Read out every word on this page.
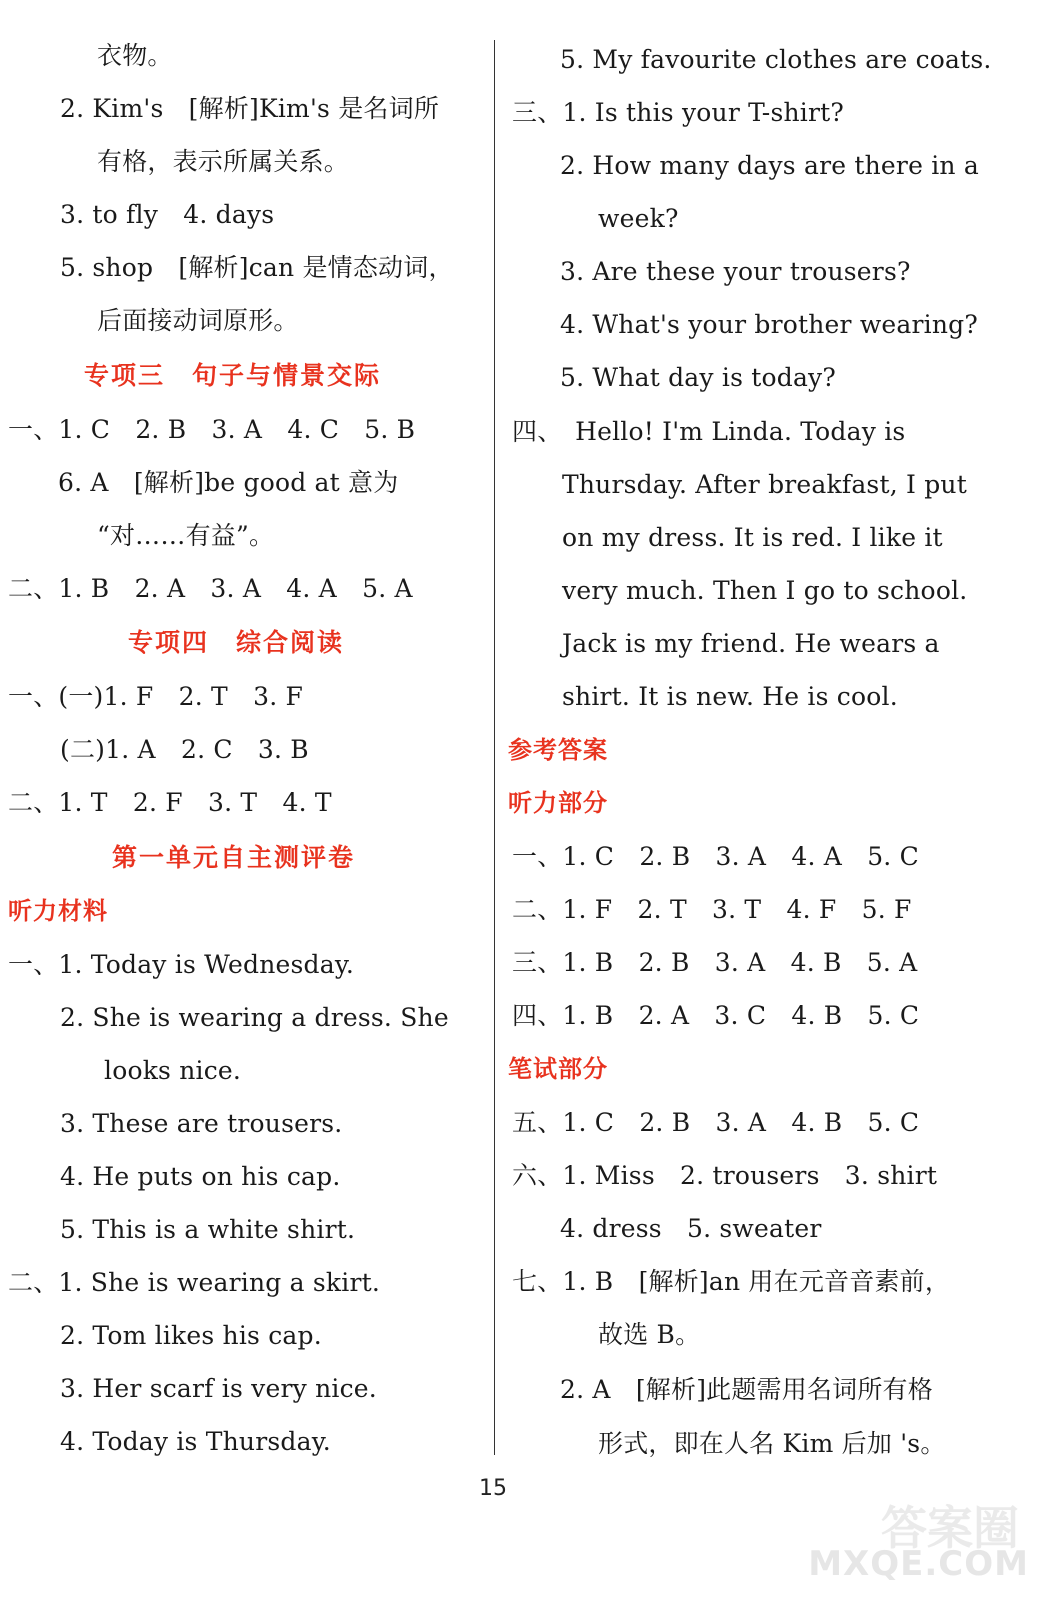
衣物。
2. Kim's　[解析]Kim's 是名词所
有格，表示所属关系。
3. to fly　4. days
5. shop　[解析]can 是情态动词，
后面接动词原形。
专项三　句子与情景交际
一、1. C　2. B　3. A　4. C　5. B
6. A　[解析]be good at 意为
“对……有益”。
二、1. B　2. A　3. A　4. A　5. A
专项四　综合阅读
一、(一)1. F　2. T　3. F
(二)1. A　2. C　3. B
二、1. T　2. F　3. T　4. T
第一单元自主测评卷
听力材料
一、1. Today is Wednesday.
2. She is wearing a dress. She
looks nice.
3. These are trousers.
4. He puts on his cap.
5. This is a white shirt.
二、1. She is wearing a skirt.
2. Tom likes his cap.
3. Her scarf is very nice.
4. Today is Thursday.
5. My favourite clothes are coats.
三、1. Is this your T-shirt?
2. How many days are there in a
week?
3. Are these your trousers?
4. What's your brother wearing?
5. What day is today?
四、　Hello! I'm Linda. Today is
Thursday. After breakfast, I put
on my dress. It is red. I like it
very much. Then I go to school.
Jack is my friend. He wears a
shirt. It is new. He is cool.
参考答案
听力部分
一、1. C　2. B　3. A　4. A　5. C
二、1. F　2. T　3. T　4. F　5. F
三、1. B　2. B　3. A　4. B　5. A
四、1. B　2. A　3. C　4. B　5. C
笔试部分
五、1. C　2. B　3. A　4. B　5. C
六、1. Miss　2. trousers　3. shirt
4. dress　5. sweater
七、1. B　[解析]an 用在元音音素前，
故选 B。
2. A　[解析]此题需用名词所有格
形式，即在人名 Kim 后加 's。
15
答案圈
MXQE.COM
